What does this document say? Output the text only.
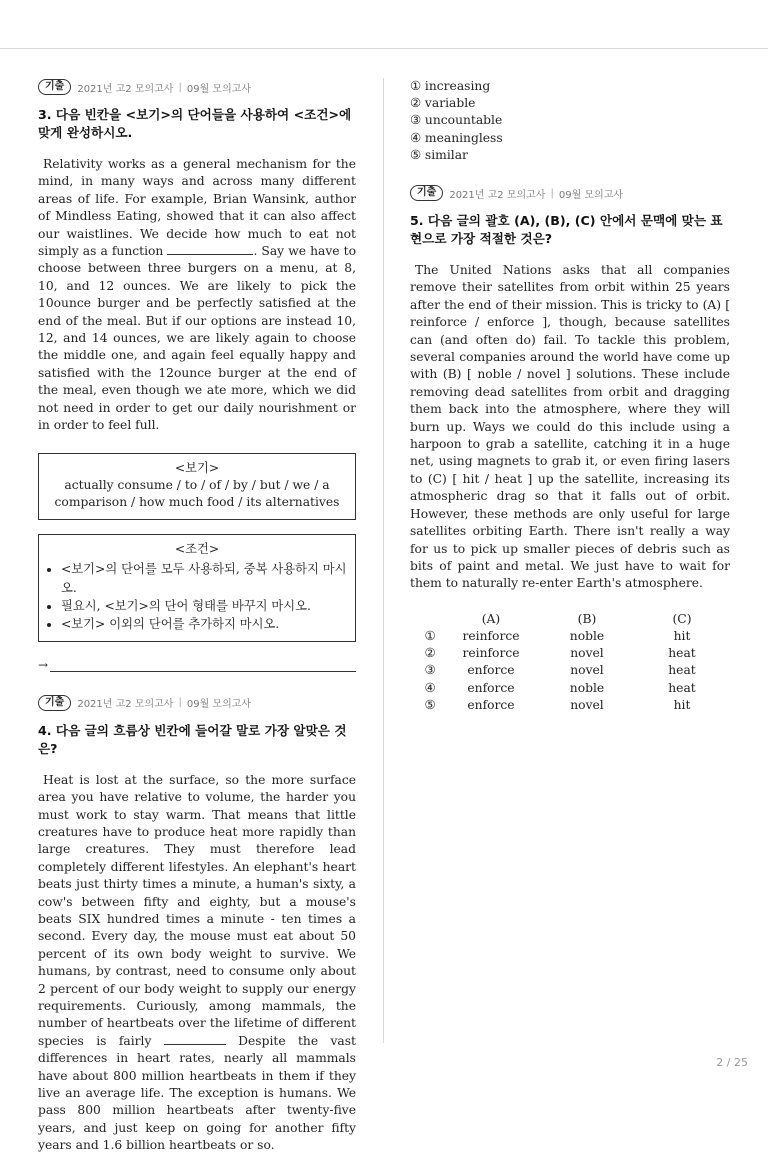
기출	2021년 고2 모의고사 | 09월 모의고사
3. 다음 빈칸을 <보기>의 단어들을 사용하여 <조건>에 맞게 완성하시오.
Relativity works as a general mechanism for the mind, in many ways and across many different areas of life. For example, Brian Wansink, author of Mindless Eating, showed that it can also affect our waistlines. We decide how much to eat not simply as a function	. Say we have to choose between three burgers on a menu, at 8, 10, and 12 ounces. We are likely to pick the 10ounce burger and be perfectly satisfied at the end of the meal. But if our options are instead 10, 12, and 14 ounces, we are likely again to choose the middle one, and again feel equally happy and satisfied with the 12ounce burger at the end of the meal, even though we ate more, which we did not need in order to get our daily nourishment or in order to feel full.
<보기>
actually consume / to / of / by / but / we / a comparison / how much food / its alternatives
<조건>
• <보기>의 단어를 모두 사용하되, 중복 사용하지 마시오.
• 필요시, <보기>의 단어 형태를 바꾸지 마시오.
• <보기> 이외의 단어를 추가하지 마시오.
→
기출	2021년 고2 모의고사 | 09월 모의고사
4. 다음 글의 흐름상 빈칸에 들어갈 말로 가장 알맞은 것은?
Heat is lost at the surface, so the more surface area you have relative to volume, the harder you must work to stay warm. That means that little creatures have to produce heat more rapidly than large creatures. They must therefore lead completely different lifestyles. An elephant's heart beats just thirty times a minute, a human's sixty, a cow's between fifty and eighty, but a mouse's beats SIX hundred times a minute - ten times a second. Every day, the mouse must eat about 50 percent of its own body weight to survive. We humans, by contrast, need to consume only about 2 percent of our body weight to supply our energy requirements. Curiously, among mammals, the number of heartbeats over the lifetime of different species is fairly	Despite the vast differences in heart rates, nearly all mammals have about 800 million heartbeats in them if they live an average life. The exception is humans. We pass 800 million heartbeats after twenty-five years, and just keep on going for another fifty years and 1.6 billion heartbeats or so.
① increasing
② variable
③ uncountable
④ meaningless
⑤ similar
기출	2021년 고2 모의고사 | 09월 모의고사
5. 다음 글의 괄호 (A), (B), (C) 안에서 문맥에 맞는 표현으로 가장 적절한 것은?
The United Nations asks that all companies remove their satellites from orbit within 25 years after the end of their mission. This is tricky to (A) [ reinforce / enforce ], though, because satellites can (and often do) fail. To tackle this problem, several companies around the world have come up with (B) [ noble / novel ] solutions. These include removing dead satellites from orbit and dragging them back into the atmosphere, where they will burn up. Ways we could do this include using a harpoon to grab a satellite, catching it in a huge net, using magnets to grab it, or even firing lasers to (C) [ hit / heat ] up the satellite, increasing its atmospheric drag so that it falls out of orbit. However, these methods are only useful for large satellites orbiting Earth. There isn't really a way for us to pick up smaller pieces of debris such as bits of paint and metal. We just have to wait for them to naturally re-enter Earth's atmosphere.
(A)	(B)	(C)
①	reinforce	noble	hit
②	reinforce	novel	heat
③	enforce	novel	heat
④	enforce	noble	heat
⑤	enforce	novel	hit
2 / 25
